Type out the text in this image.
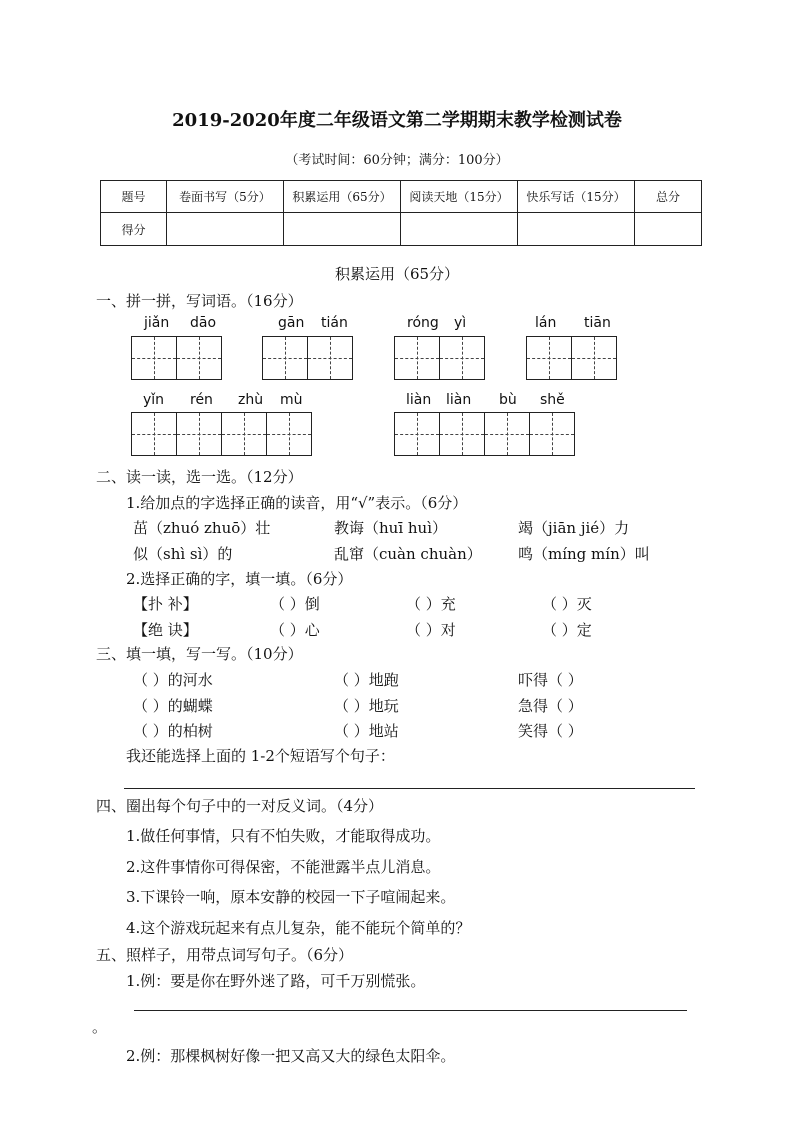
2019-2020年度二年级语文第二学期期末教学检测试卷
（考试时间：60分钟；满分：100分）
题号	卷面书写（5分）	积累运用（65分）	阅读天地（15分）	快乐写话（15分）	总分
得分					
积累运用（65分）
一、拼一拼，写词语。（16分）
jiǎn dāo	gān tián	róng yì	lán tiān
yǐn rén zhù mù	liàn liàn bù shě
二、读一读，选一选。（12分）
1.给加点的字选择正确的读音，用“√”表示。（6分）
茁（zhuó zhuō）壮	教诲（huī huì）	竭（jiān jié）力
似（shì sì）的	乱窜（cuàn chuàn） 鸣（míng mín）叫
2.选择正确的字，填一填。（6分）
【扑 补】	（ ）倒	（ ）充	（ ）灭
【绝 诀】	（ ）心	（ ）对	（ ）定
三、填一填，写一写。（10分）
（ ）的河水	（ ）地跑	吓得（ ）
（ ）的蝴蝶	（ ）地玩	急得（ ）
（ ）的柏树	（ ）地站	笑得（ ）
我还能选择上面的 1-2个短语写个句子：
四、圈出每个句子中的一对反义词。（4分）
1.做任何事情，只有不怕失败，才能取得成功。
2.这件事情你可得保密，不能泄露半点儿消息。
3.下课铃一响，原本安静的校园一下子喧闹起来。
4.这个游戏玩起来有点儿复杂，能不能玩个简单的？
五、照样子，用带点词写句子。（6分）
1.例：要是你在野外迷了路，可千万别慌张。
。
2.例：那棵枫树好像一把又高又大的绿色太阳伞。
